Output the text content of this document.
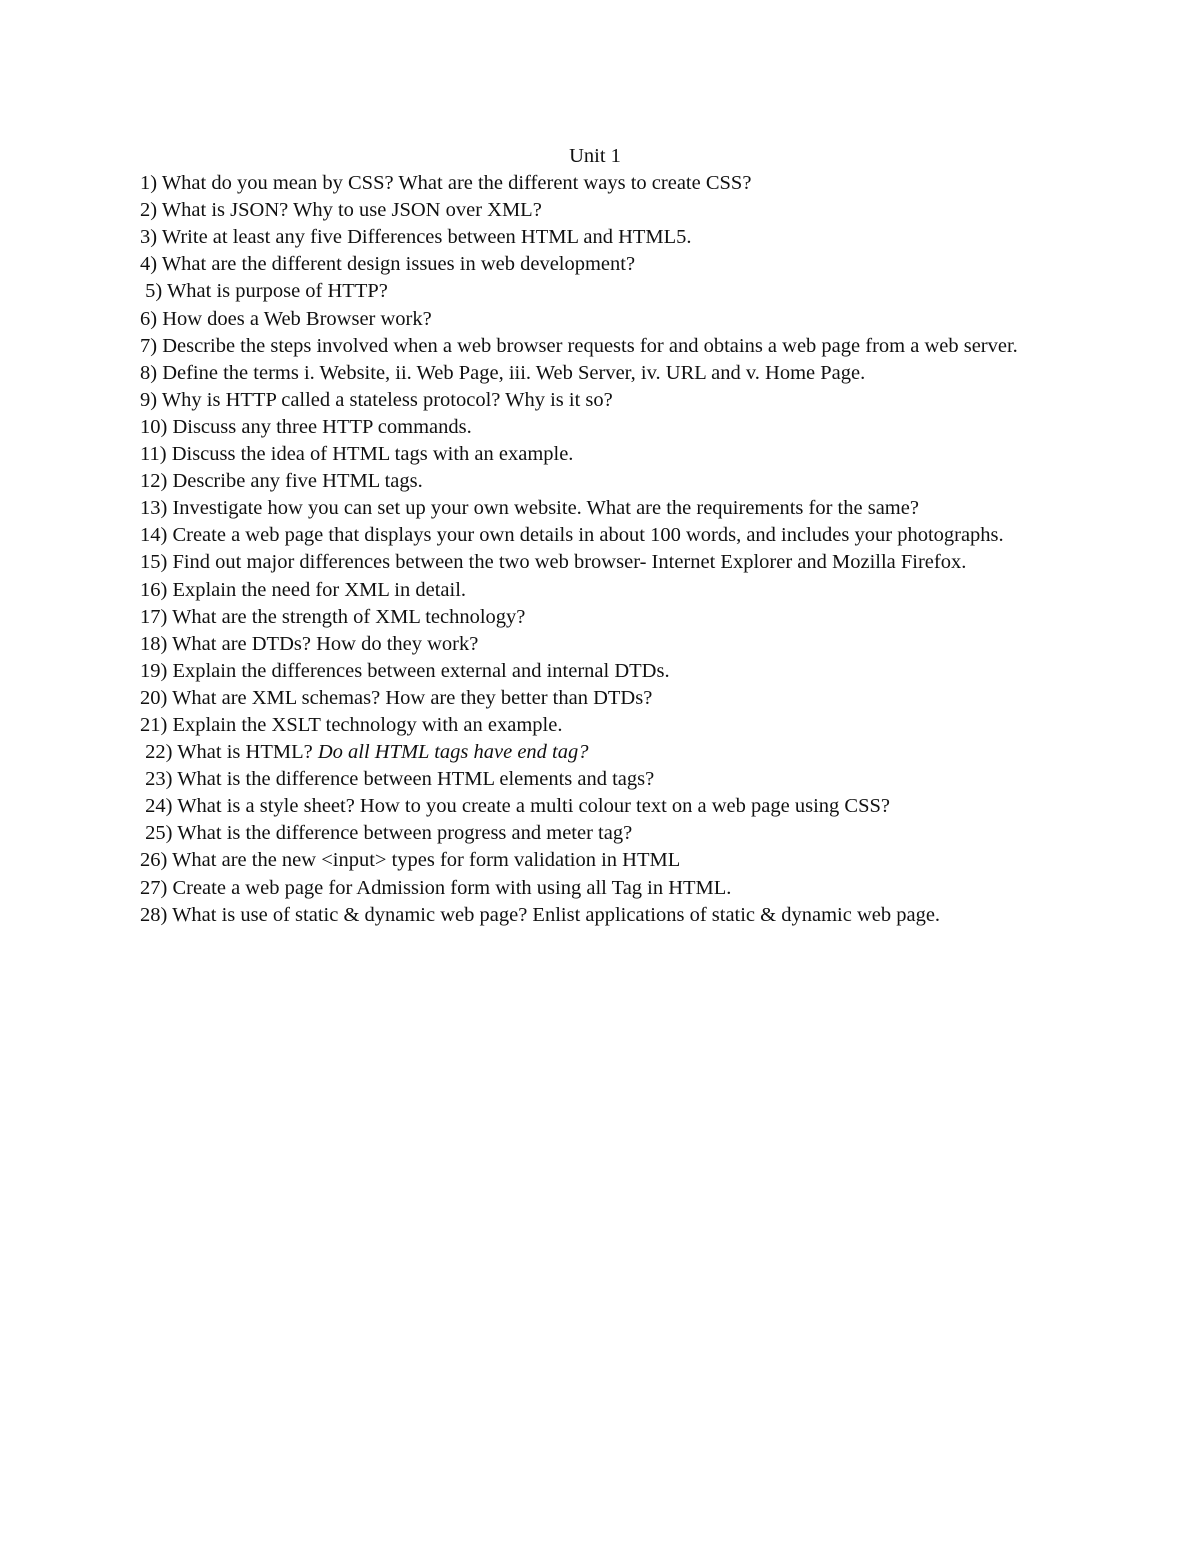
Unit 1

1) What do you mean by CSS? What are the different ways to create CSS?

2) What is JSON? Why to use JSON over XML?

3) Write at least any five Differences between HTML and HTML5.

4) What are the different design issues in web development?

5) What is purpose of HTTP?

6) How does a Web Browser work?

7) Describe the steps involved when a web browser requests for and obtains a web page from a web server.

8) Define the terms i. Website, ii. Web Page, iii. Web Server, iv. URL and v. Home Page.

9) Why is HTTP called a stateless protocol? Why is it so?

10) Discuss any three HTTP commands.

11) Discuss the idea of HTML tags with an example.

12) Describe any five HTML tags.

13) Investigate how you can set up your own website. What are the requirements for the same?

14) Create a web page that displays your own details in about 100 words, and includes your photographs.

15) Find out major differences between the two web browser- Internet Explorer and Mozilla Firefox.

16) Explain the need for XML in detail.

17) What are the strength of XML technology?

18) What are DTDs? How do they work?

19) Explain the differences between external and internal DTDs.

20) What are XML schemas? How are they better than DTDs?

21) Explain the XSLT technology with an example.

22) What is HTML? Do all HTML tags have end tag?

23) What is the difference between HTML elements and tags?

24) What is a style sheet? How to you create a multi colour text on a web page using CSS?

25) What is the difference between progress and meter tag?

26) What are the new <input> types for form validation in HTML

27) Create a web page for Admission form with using all Tag in HTML.

28) What is use of static & dynamic web page? Enlist applications of static & dynamic web page.
